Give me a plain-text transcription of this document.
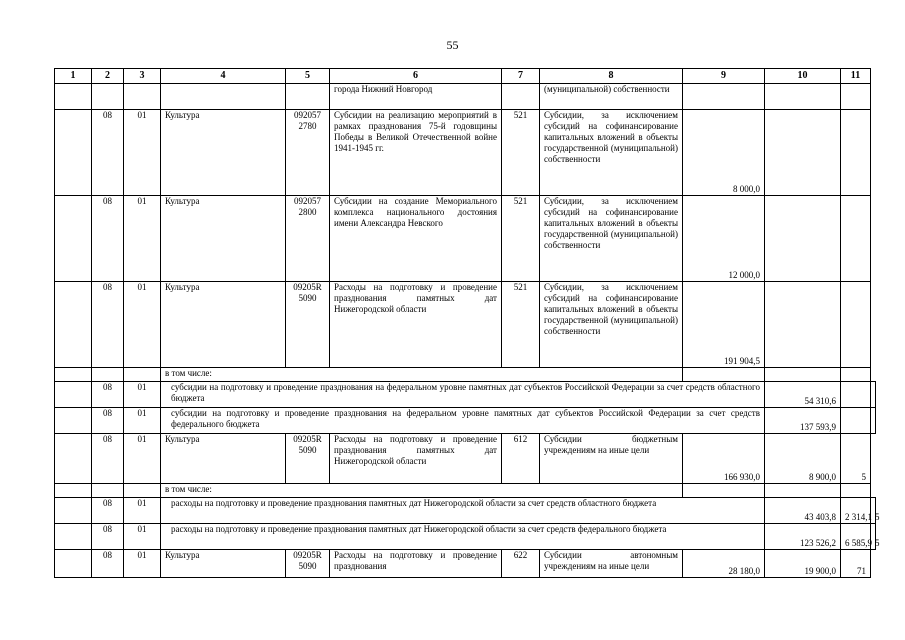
55
1	2	3	4	5	6	7	8	9	10	11	
					города Нижний Новгород		(муниципальной) собственности				
	08	01	Культура	092057 2780	Субсидии на реализацию мероприятий в рамках празднования 75-й годовщины Победы в Великой Отечественной войне 1941-1945 гг.	521	Субсидии, за исключением субсидий на софинансирование капитальных вложений в объекты государственной (муниципальной) собственности	8 000,0			
	08	01	Культура	092057 2800	Субсидии на создание Мемориального комплекса национального достояния имени Александра Невского	521	Субсидии, за исключением субсидий на софинансирование капитальных вложений в объекты государственной (муниципальной) собственности	12 000,0			
	08	01	Культура	09205R 5090	Расходы на подготовку и проведение празднования памятных дат Нижегородской области	521	Субсидии, за исключением субсидий на софинансирование капитальных вложений в объекты государственной (муниципальной) собственности	191 904,5			
			в том числе:								
	08	01	субсидии на подготовку и проведение празднования на федеральном уровне памятных дат субъектов Российской Федерации за счет средств областного бюджета						54 310,6		
	08	01	субсидии на подготовку и проведение празднования на федеральном уровне памятных дат субъектов Российской Федерации за счет средств федерального бюджета						137 593,9		
	08	01	Культура	09205R 5090	Расходы на подготовку и проведение празднования памятных дат Нижегородской области	612	Субсидии бюджетным учреждениям на иные цели	166 930,0	8 900,0	5	
			в том числе:								
	08	01	расходы на подготовку и проведение празднования памятных дат Нижегородской области за счет средств областного бюджета						43 403,8	2 314,1	5
	08	01	расходы на подготовку и проведение празднования памятных дат Нижегородской области за счет средств федерального бюджета						123 526,2	6 585,9	5
	08	01	Культура	09205R 5090	Расходы на подготовку и проведение празднования	622	Субсидии автономным учреждениям на иные цели	28 180,0	19 900,0	71	
